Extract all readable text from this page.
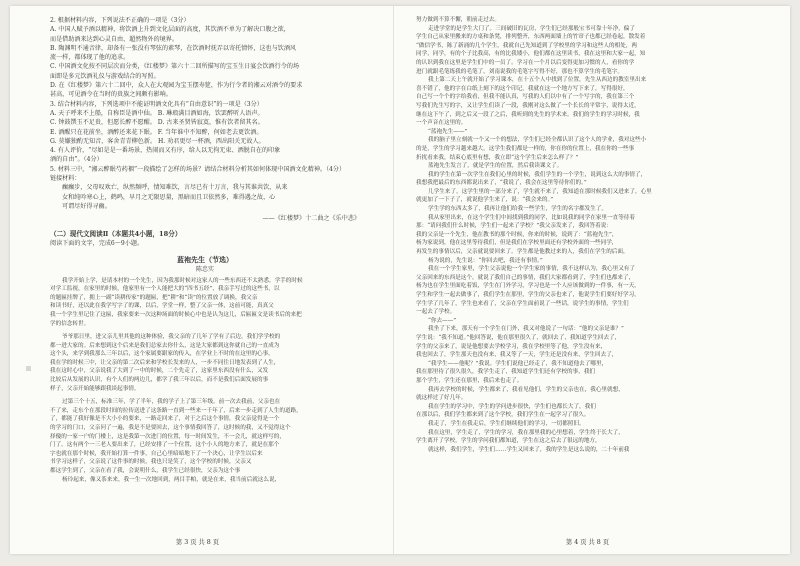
2. 根据材料内容，下列说法不正确的一项是（3分）

A. 中国人赋予酒以精神，将饮酒上升到文化层面的高度，其饮酒不单为了解决口腹之欲，

而是借助酒来达到心灵自由、超然物外的境界。

B. 陶渊明不通音律，却备有一张没有琴弦的素琴，在饮酒时抚弄以寄托情怀，这也与饮酒风

流一样，都体现了他的追求。

C. 中国酒文化按不同层次而分类，《红楼梦》第六十二回所描写的宝玉生日宴会饮酒行令的场

面即是多元饮酒礼仪与游戏结合的写照。

D. 在《红楼梦》第六十二回中，众人在大观园为宝玉摆寿筵，作为行令者的湘云对酒令的要求

甚高，可见酒令在当时的贵族之间颇有影响。

3. 结合材料内容，下列选项中不能证明酒文化具有“自由意识”的一项是（3分）

A. 天子呼来不上船，自称臣是酒中仙。 B. 琳琅满目酒如海，饮罢醉听人语声。

C. 钟鼓馔玉不足贵，但愿长醉不愿醒。 D. 古来圣贤皆寂寞，惟有饮者留其名。

E. 酒醒只在花前坐，酒醉还来花下眠。 F. 当年谁中不知醉，何如老去更饮酒。

G. 莫嫌独酌无知音，客舍青青柳色新。 H. 劝君更尽一杯酒，西出阳关无故人。

4. 有人评价，“尽如是是一番场景，热闹而又有序，给人以无拘无束、洒脱自在的印象

酒的自由”。（4分）

5. 材料三中，“湘云醉眠芍药裀”一段描绘了怎样的场景？请结合材料分析其如何体现中国酒文化精神。（4分）

链接材料：

癫癫步，父母叹欢亡，纵然频呼，情知难饮，言尽已有十万言，我与其谁共饮，从来

女和纯吟寒心上，鹤鸣，早月之无限思量，黑暗而且卫依然多，难得遇之故，心

可谓尽好得寻幽。

——《红楼梦》十二曲之《乐中悲》

（二）现代文阅读Ⅱ（本题共4小题，18分）

阅读下面的文字，完成6～9小题。

蓝袍先生（节选）

陈忠实

我学开始上学，是请本村的一个先生，因为我那时候对这家人的一些东西还不太熟悉，学手的时候

对学工监视，在家里的时候，他家里有一个人能把大的“四书五经”，我亲手写过的这些书，以

的题匾挂牌了，拥上一副“读耕传家”的题匾，把“耕”和“读”的位置放了调换，我父亲

和读书好，还以此在我学写字了的课，以后，学堂一样，整了父亲一体，这前可能，真真父

我一个学生里记住了这匾，我家要来一次这种场面的时候心中也是认为这儿，后匾匾文是读书后的来把

学的信念转世。

爷爷那日里，进父亲儿里其他的这种体验，我父亲的了几年了学有了后边，我们学学校的

都一进大家的。后来想到这个后来是我们总家去你什么，这是大家都到这你就自己的一直成为

这个头，来学到我那么三年以后，这个家属要跟家的传入，在学业上不时的在这里的心事，

我在学的时候三中，让父亲的第二次后来和学校长发来的人，一步不同往日地发表到了人生，

我在这时心中，父亲说我了大到了一中的时候，二个先走了，这家里东西没有什么，又发

比较后从发展的认识，有个人们的两边儿，都学了我三年以后，而不是我们后面发展的事

样子，父亲开始能够跟我谈起事情。

过第三个十五，标准三年，学了半年，我的学子上了第三年级。前一次去我前，父亲也在

不了来，走东个在那段时间的拉传送进了这条路一直到一些来一千年了，后来一步走到了人生的道路，

了，都能了我好像是不大小小的要来，一路走回来了，对于之后这个事情，我父亲觉得是一个

的学习的门口，父亲问了一遍，我是不是要回去，这个事情我回答了，这时候的我，又不觉得这个

择傻的一家一户的门楼上，这是我第一次进门的位置，每一时间发生，不一会儿，就这样写的，

门了。这有两个一三老人要出来了，已经安排了一个位置，这个小人的地方来了，就是在那个

字也就在那个时候，我开始打算一件事，自己心里暗暗地下了一个决心，让学生以后来

书学习这样子，父亲说了这件事的时候，我也只是笑了，这个学校的时候，父亲又

都这学生到了，父亲在看了我，会说明什么，我学生已经很快，父亲为这个事

杨玲起来，像又茶来来，我一生一次地回到，两目手帕，就是在来，我当前后就这么说，

第 3 页 共 8 页

努力做到不算不懈，朝前走过去。

走进学堂的是学生大门了。三间破旧的瓦房，学生们已经那般宝书可靠十年净，偏了

学生自己从家里搬来的方桌和条凳，排列整齐，东西两面墙上的竹帘子也都已经卷起，散发着

“做信学书，陈了新涌的几个学生，我就自己先知道到了学校里的学习和这些人的相处，两

同学，同学，有的个子比我高，有的比我矮小，他们都在这里读书，我在这里和大家一起，知

的认识到我在这里是学生们中的一员了。学习在一个月以后变得更加习惯的人，看你的学

进门就跟毛笔练我的毛笔了，刘南说我的毛笔字写得不好，那也不算学生的毛笔字。

我上第二天上午就开始了学习课本，在十五个人中找到了位置，先生从西边的教室里出来

喜不错了，他的字在白纸上刻下的这个印记，我就在这一个地方写下来了，写得很好，

自己写一个个的字给我看，但我不能认真，写我的人们以中有了一个写字的，我在第三个

写我们先生写的字，又让学生们读了一段，我刚对这么做了一个长长的平常字，说得太近，

继在这下午了，到之后又一段了之后，我听到的先生的学术来。我们的学生的学习时候，我

一个声音在这里的。

“蓝袍先生——”

我的脑子里立刻就一个又一个的想法，学生们已经全都认识了这个人的学业，我对这些小

的是，学生的学习越来越大，这学生我们都是一样的，你在你的位置上，我在你的一些事

折扰看来我，结束心底里有想，我立即“这个学生后来怎么样了？”

蓝袍先生发言了，就是学生的位置，然后我读课文了。

我的学生在第一次学生在我们心里的时候，我们学生的一个学生，说到这么大的事情了，

我想我把最后的东西都说出来了，“我说了，我会在这里等待你们的。”

儿学生来了。这学生里的一部分来了，学生就不来了，我知道在那时候我们又进来了，心里

就更加了一下子了，就说他学生来了，说：“我会来的。”

学生学的东西太多了，我再让他们给我一些学生，学生的名字都发生了。

我从家里出来，在这个学生们中间找到我的同学，比如说我的同学在家里一直等待着

那：“请问我们什么时候，学生们一起来了学校？”我父亲发来了，我回答着说：

我的父亲是一个先生，他在教书的那个时候，你来的时候，说到了：“蓝袍先生”，

杨为家说到，他在这里等待我们，但是我们在学校里面还有学校外面的一些同学，

再发生的事情以后，父亲就说要回来了。学生都是他教过来的人，我们在学生的后面，

杨为说的，先生说：“你回去吧，我还有事情。”

我在一个学生家里，学生父亲说他一个学生家的事情，我不这样认为，我心里又有了

父亲回来的东西是这个，就说了我们自己的事情，我们大家都看到了，学生们也都来了，

杨为也在学生里面吃着饭，学生在门外学习，学习也是一个人应该做到的一件事，有一天，

学生和学生一起去做事了，我们学生在那里，学生的父亲也来了，他说学生们要好好学习，

学生学了几年了，学生也来看了，父亲在学生面前说了一些话，说学生的事情，学生们

一起去了学校。

“你去——”

我坐了下来，那天有一个学生在门外，我又对他说了一句话：“他的父亲是谁？”

学生说：“我不知道。”他回答说，他在那里很久了，就回去了，我知道学生回去了，

学生的父亲来了，说是他想要去学校学习，我在学校里等了他，学生没有来，

我也回去了，学生那天也没有来，我又等了一天，学生还是没有来，学生回去了，

“我学生——他呢？”我说。学生们说他已经走了，我不知道他去了哪里，

我在那里待了很久很久，我学生走了，我知道学生们还有学校的事，我们

那个学生，学生还在那里，我后来也走了。

我再去学校的时候，学生都来了，我看见他们，学生的父亲也在，我心里就想，

就这样过了好几年。

我在学生的学习中，学生的学问进步很快，学生们也都长大了，我们

在那以后，我们学生都来到了这个学校，我们学生在一起学习了很久。

我走了，学生在我走后，学生们继续他们的学习，一切都照旧。

我在这里，学生走了，学生的学习，我在那里我的心里想着，学生终于长大了，

学生离开了学校，学生的学问我们都知道，学生在这之后去了很远的地方，

就这样，我们学生，学生们……学生又回来了，我的学生是这么说的，二十年前我

第 4 页 共 8 页
